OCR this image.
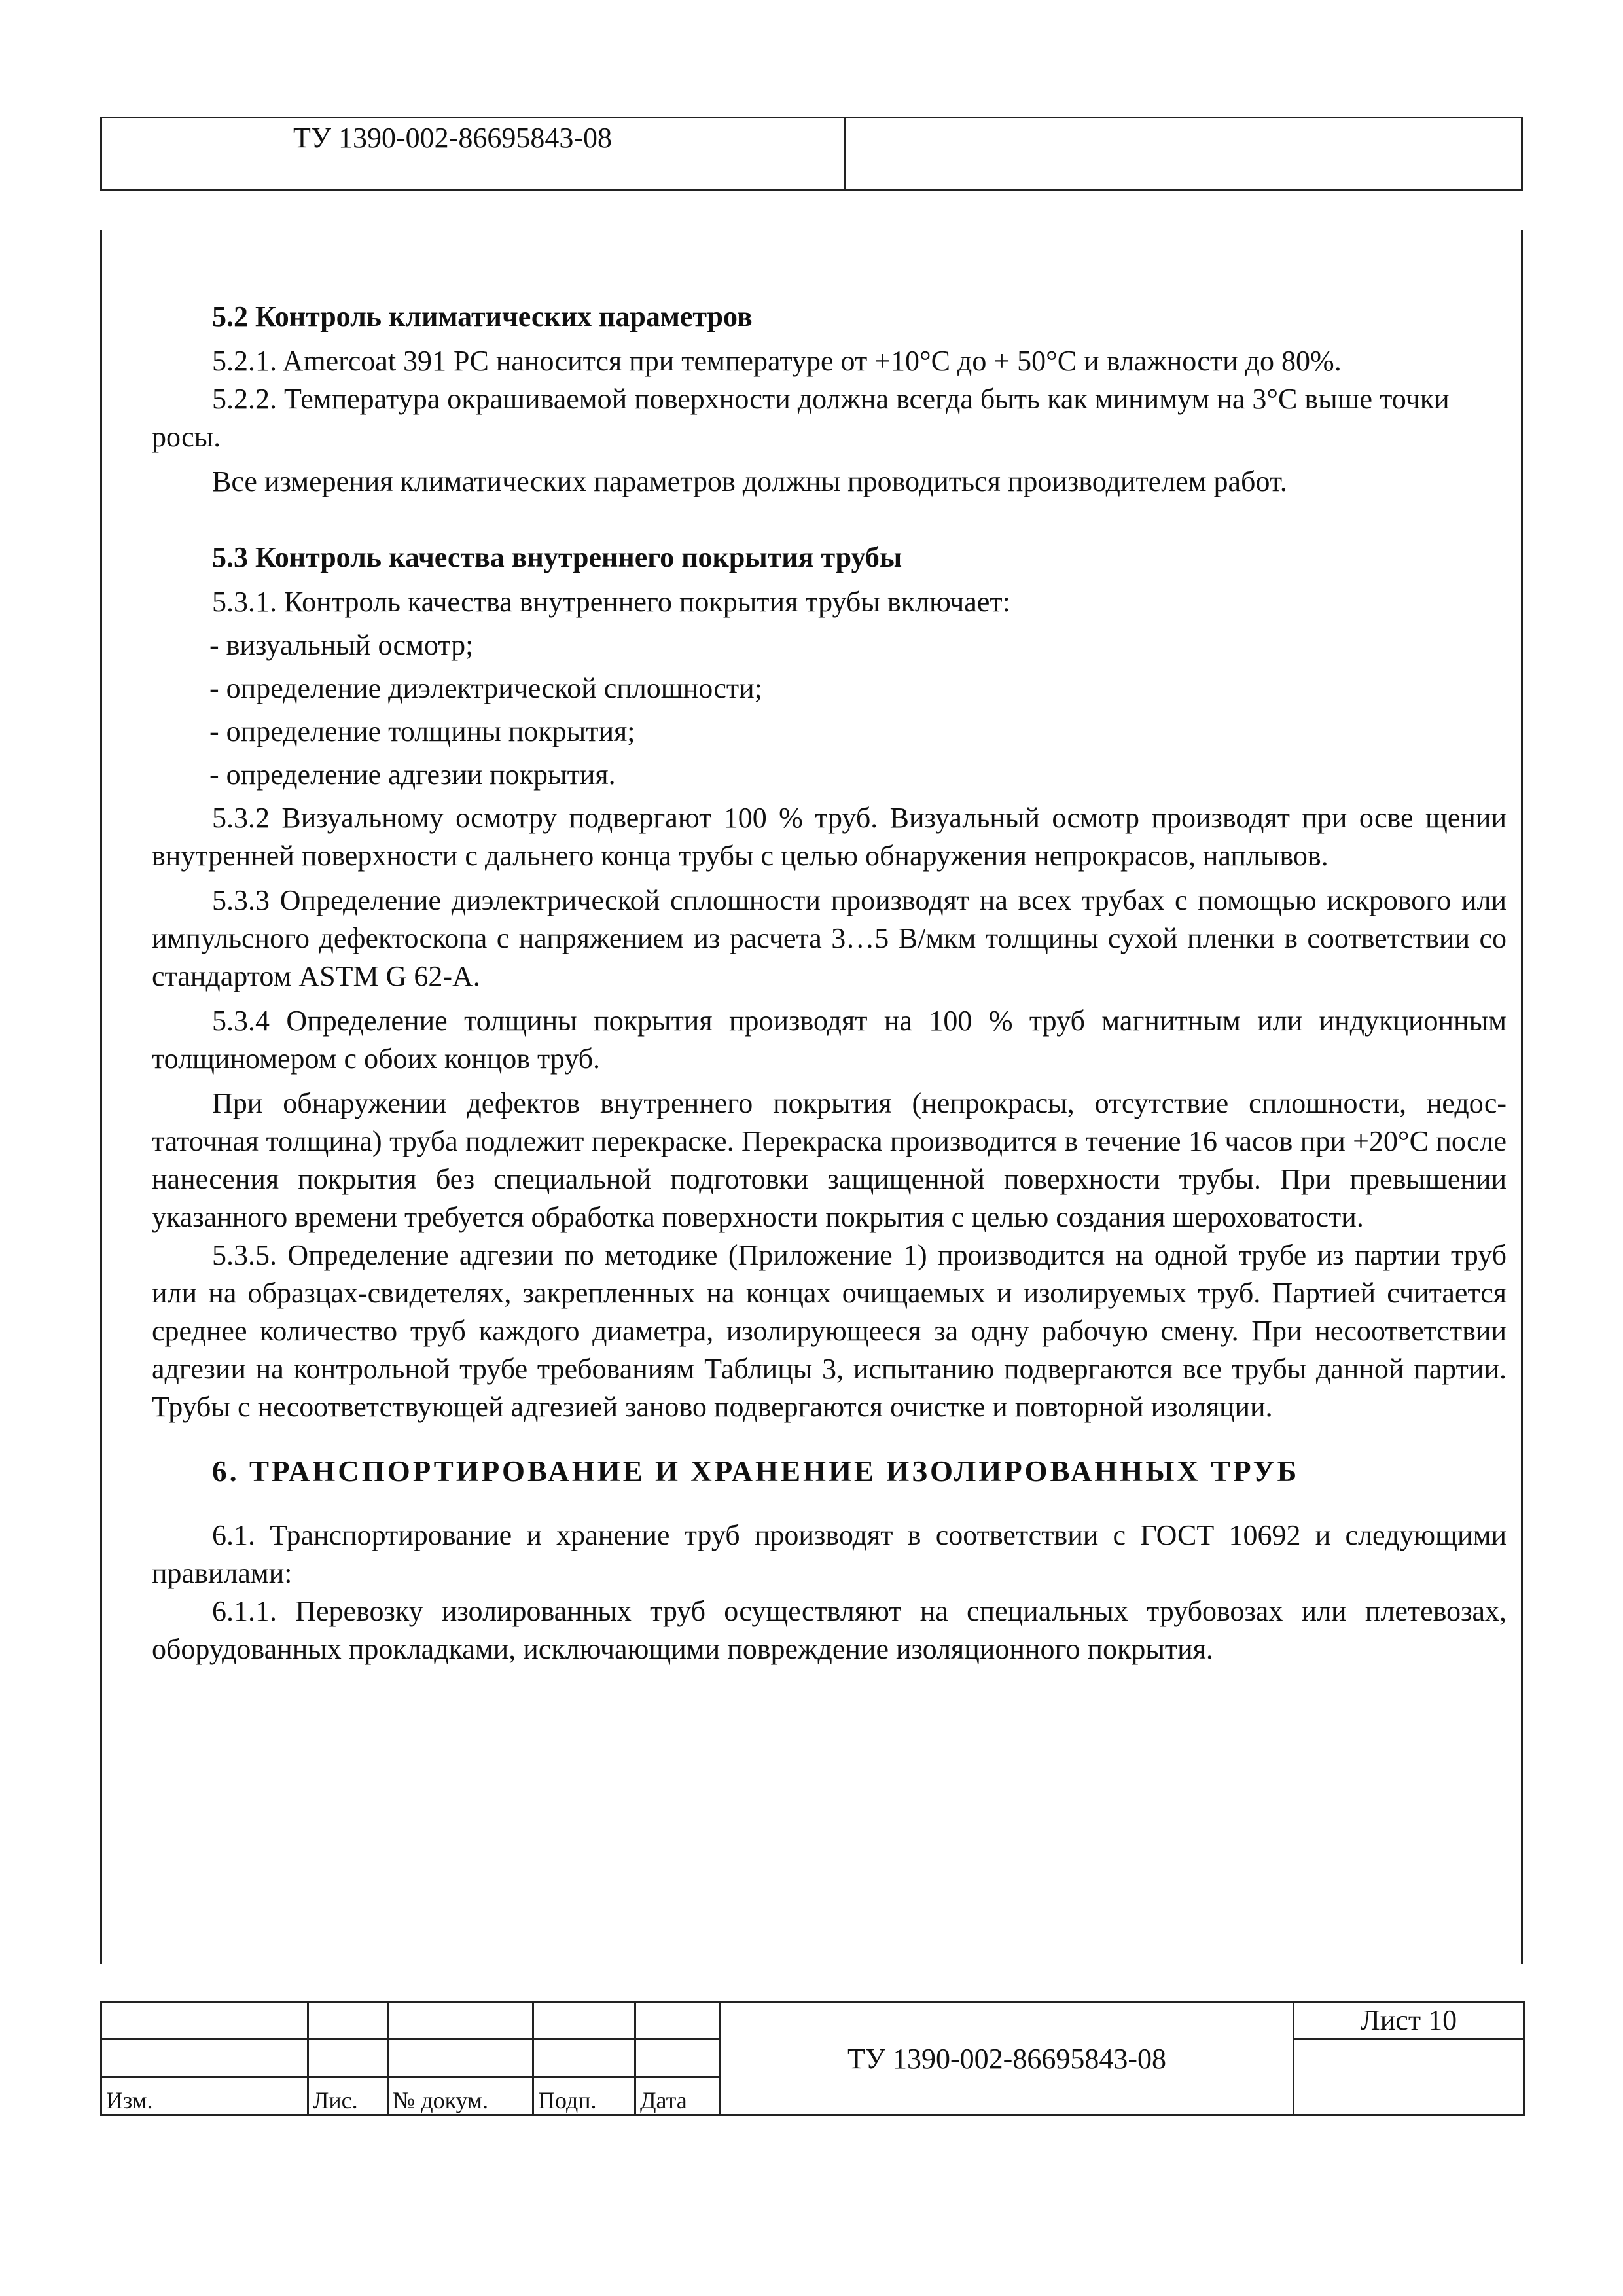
ТУ 1390-002-86695843-08

5.2 Контроль климатических параметров

5.2.1. Amercoat 391 PC наносится при температуре от +10°С до + 50°С и влажности до 80%.

5.2.2. Температура окрашиваемой поверхности должна всегда быть как минимум на 3°С выше точки росы.

Все измерения климатических параметров должны проводиться производителем работ.

5.3 Контроль качества внутреннего покрытия трубы

5.3.1. Контроль качества внутреннего покрытия трубы включает:

- визуальный осмотр;

- определение диэлектрической сплошности;

- определение толщины покрытия;

- определение адгезии покрытия.

5.3.2 Визуальному осмотру подвергают 100 % труб. Визуальный осмотр производят при осве щении внутренней поверхности с дальнего конца трубы с целью обнаружения непрокрасов, наплывов.

5.3.3 Определение диэлектрической сплошности производят на всех трубах с помощью искрового или импульсного дефектоскопа с напряжением из расчета 3…5 В/мкм толщины сухой пленки в соответствии со стандартом ASTM G 62-A.

5.3.4 Определение толщины покрытия производят на 100 % труб магнитным или индукционным толщиномером с обоих концов труб.

При обнаружении дефектов внутреннего покрытия (непрокрасы, отсутствие сплошности, недос-таточная толщина) труба подлежит перекраске. Перекраска производится в течение 16 часов при +20°С после нанесения покрытия без специальной подготовки защищенной поверхности трубы. При превышении указанного времени требуется обработка поверхности покрытия с целью создания шероховатости.

5.3.5. Определение адгезии по методике (Приложение 1) производится на одной трубе из партии труб или на образцах-свидетелях, закрепленных на концах очищаемых и изолируемых труб. Партией считается среднее количество труб каждого диаметра, изолирующееся за одну рабочую смену. При несоответствии адгезии на контрольной трубе требованиям Таблицы 3, испытанию подвергаются все трубы данной партии. Трубы с несоответствующей адгезией заново подвергаются очистке и повторной изоляции.

6. ТРАНСПОРТИРОВАНИЕ И ХРАНЕНИЕ ИЗОЛИРОВАННЫХ ТРУБ

6.1. Транспортирование и хранение труб производят в соответствии с ГОСТ 10692 и следующими правилами:

6.1.1. Перевозку изолированных труб осуществляют на специальных трубовозах или плетевозах, оборудованных прокладками, исключающими повреждение изоляционного покрытия.

					ТУ 1390-002-86695843-08	Лист 10

Изм.	Лис.	№ докум.	Подп.	Дата		
